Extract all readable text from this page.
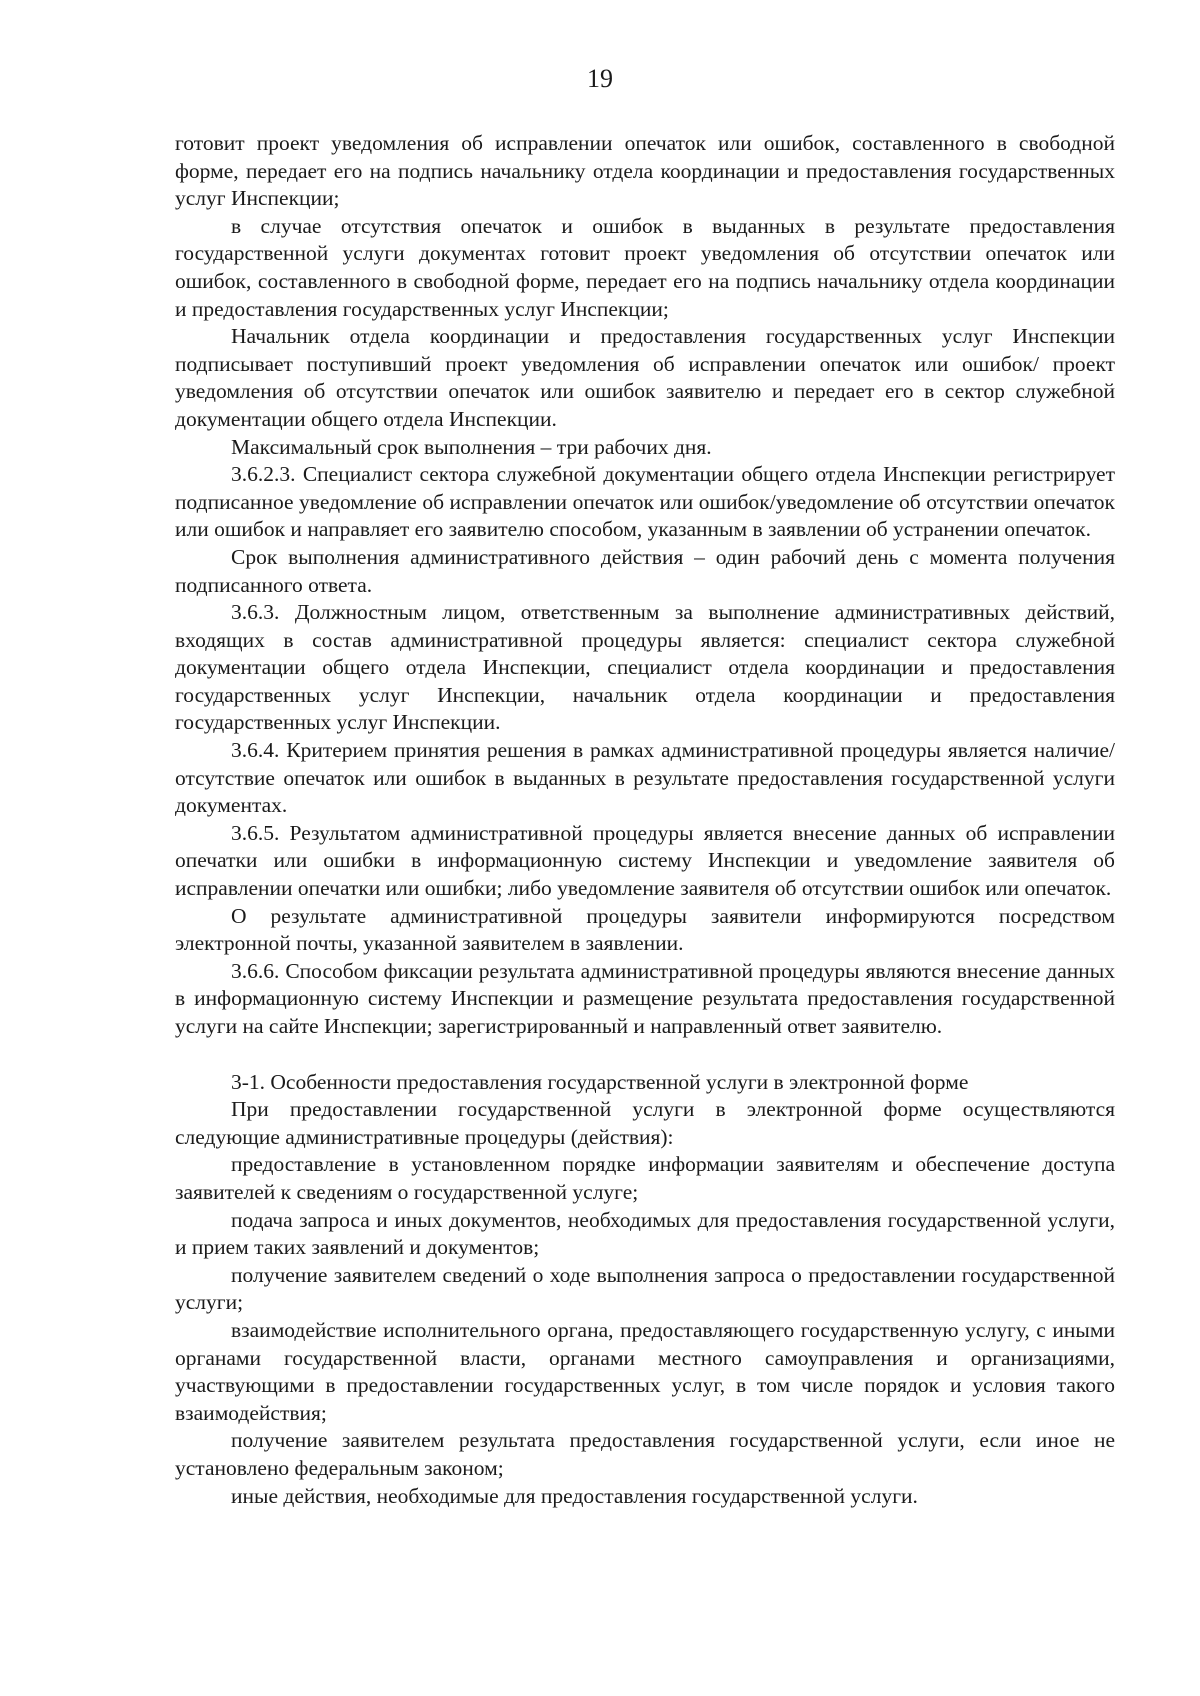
19

готовит проект уведомления об исправлении опечаток или ошибок, составленного в свободной форме, передает его на подпись начальнику отдела координации и предоставления государственных услуг Инспекции;

в случае отсутствия опечаток и ошибок в выданных в результате предоставления государственной услуги документах готовит проект уведомления об отсутствии опечаток или ошибок, составленного в свободной форме, передает его на подпись начальнику отдела координации и предоставления государственных услуг Инспекции;

Начальник отдела координации и предоставления государственных услуг Инспекции подписывает поступивший проект уведомления об исправлении опечаток или ошибок/ проект уведомления об отсутствии опечаток или ошибок заявителю и передает его в сектор служебной документации общего отдела Инспекции.

Максимальный срок выполнения – три рабочих дня.

3.6.2.3. Специалист сектора служебной документации общего отдела Инспекции регистрирует подписанное уведомление об исправлении опечаток или ошибок/уведомление об отсутствии опечаток или ошибок и направляет его заявителю способом, указанным в заявлении об устранении опечаток.

Срок выполнения административного действия – один рабочий день с момента получения подписанного ответа.

3.6.3. Должностным лицом, ответственным за выполнение административных действий, входящих в состав административной процедуры является: специалист сектора служебной документации общего отдела Инспекции, специалист отдела координации и предоставления государственных услуг Инспекции, начальник отдела координации и предоставления государственных услуг Инспекции.

3.6.4. Критерием принятия решения в рамках административной процедуры является наличие/отсутствие опечаток или ошибок в выданных в результате предоставления государственной услуги документах.

3.6.5. Результатом административной процедуры является внесение данных об исправлении опечатки или ошибки в информационную систему Инспекции и уведомление заявителя об исправлении опечатки или ошибки; либо уведомление заявителя об отсутствии ошибок или опечаток.

О результате административной процедуры заявители информируются посредством электронной почты, указанной заявителем в заявлении.

3.6.6. Способом фиксации результата административной процедуры являются внесение данных в информационную систему Инспекции и размещение результата предоставления государственной услуги на сайте Инспекции; зарегистрированный и направленный ответ заявителю.

3-1. Особенности предоставления государственной услуги в электронной форме

При предоставлении государственной услуги в электронной форме осуществляются следующие административные процедуры (действия):

предоставление в установленном порядке информации заявителям и обеспечение доступа заявителей к сведениям о государственной услуге;

подача запроса и иных документов, необходимых для предоставления государственной услуги, и прием таких заявлений и документов;

получение заявителем сведений о ходе выполнения запроса о предоставлении государственной услуги;

взаимодействие исполнительного органа, предоставляющего государственную услугу, с иными органами государственной власти, органами местного самоуправления и организациями, участвующими в предоставлении государственных услуг, в том числе порядок и условия такого взаимодействия;

получение заявителем результата предоставления государственной услуги, если иное не установлено федеральным законом;

иные действия, необходимые для предоставления государственной услуги.
